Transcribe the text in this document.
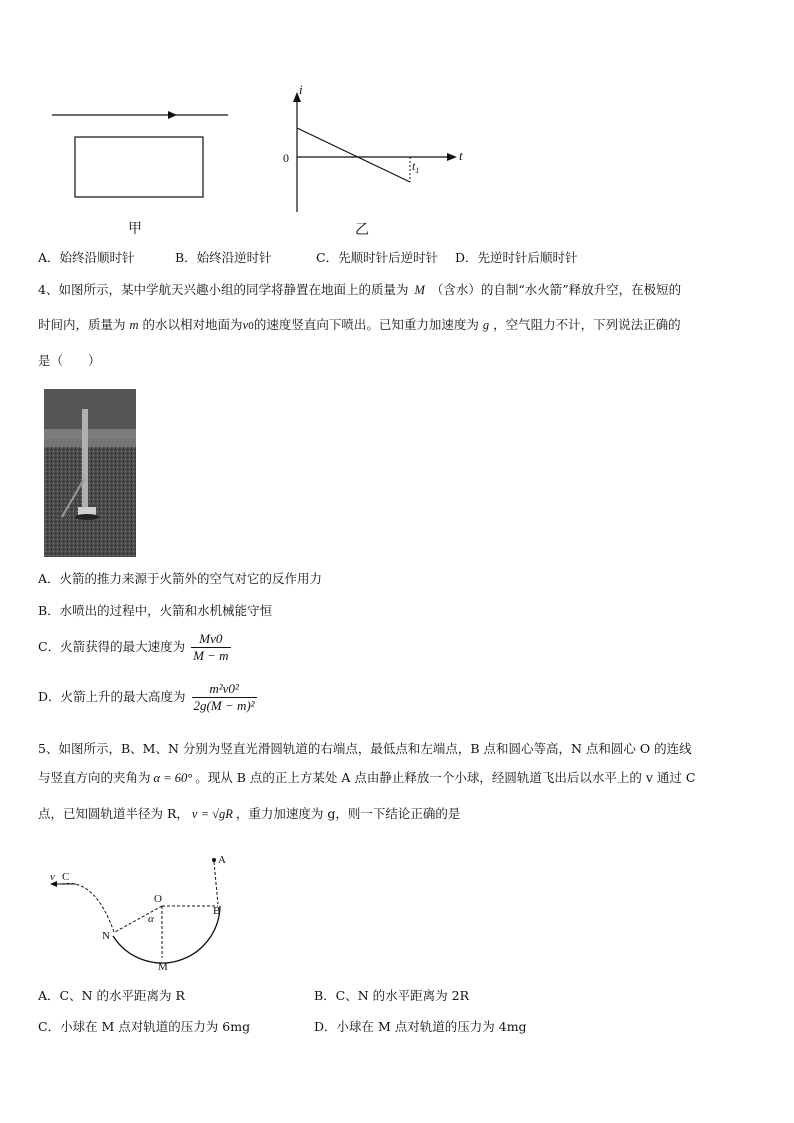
甲
i
t
0
$t_1$
乙
A．始终沿顺时针	B．始终沿逆时针	C．先顺时针后逆时针 D．先逆时针后顺时针
4、如图所示，某中学航天兴趣小组的同学将静置在地面上的质量为 M （含水）的自制“水火箭”释放升空，在极短的
时间内，质量为 m 的水以相对地面为v0的速度竖直向下喷出。已知重力加速度为 g ，空气阻力不计，下列说法正确的
是（　　）
A．火箭的推力来源于火箭外的空气对它的反作用力
B．水喷出的过程中，火箭和水机械能守恒
C．火箭获得的最大速度为 $\frac{Mv0}{M - m}$
D．火箭上升的最大高度为 $\frac{\text{m²v0²}}{\text{2g(M − m)²}}$
5、如图所示，B、M、N 分别为竖直光滑圆轨道的右端点，最低点和左端点，B 点和圆心等高，N 点和圆心 O 的连线
与竖直方向的夹角为 α = 60° 。现从 B 点的正上方某处 A 点由静止释放一个小球，经圆轨道飞出后以水平上的 v 通过 C
点，已知圆轨道半径为 R， v = √gR ，重力加速度为 g，则一下结论正确的是
A
B
O
α
N
M
v C
A．C、N 的水平距离为 R	B．C、N 的水平距离为 2R
C．小球在 M 点对轨道的压力为 6mg	D．小球在 M 点对轨道的压力为 4mg
